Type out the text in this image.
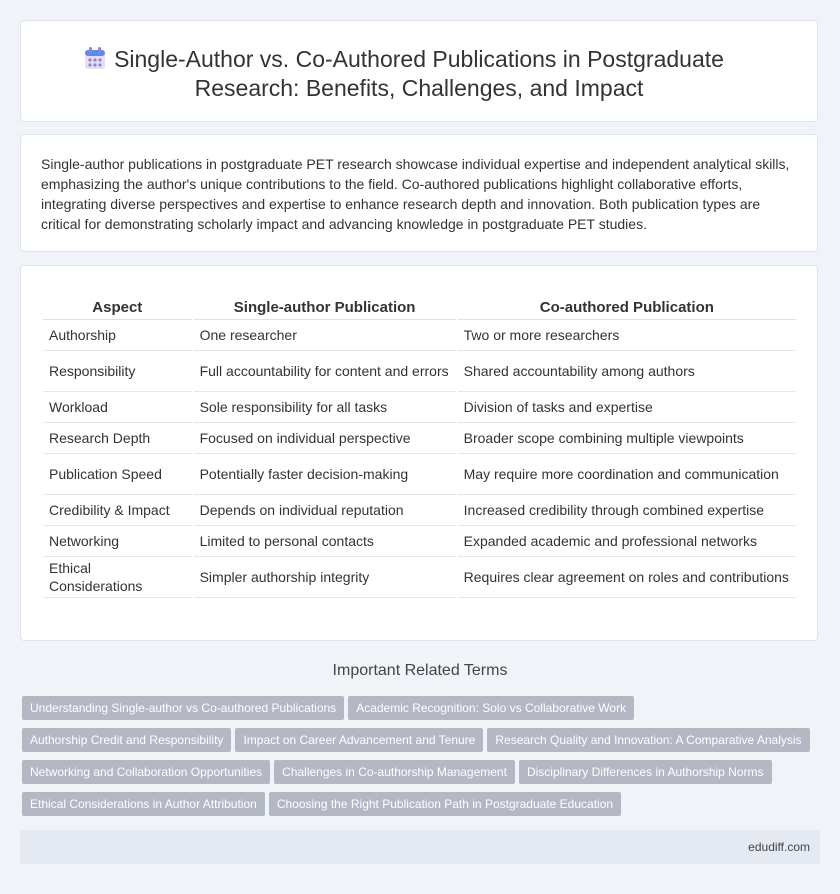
Single-Author vs. Co-Authored Publications in Postgraduate
Research: Benefits, Challenges, and Impact

Single-author publications in postgraduate PET research showcase individual expertise and independent analytical skills, emphasizing the author's unique contributions to the field. Co-authored publications highlight collaborative efforts, integrating diverse perspectives and expertise to enhance research depth and innovation. Both publication types are critical for demonstrating scholarly impact and advancing knowledge in postgraduate PET studies.

Aspect	Single-author Publication	Co-authored Publication
Authorship	One researcher	Two or more researchers
Responsibility	Full accountability for content and errors	Shared accountability among authors
Workload	Sole responsibility for all tasks	Division of tasks and expertise
Research Depth	Focused on individual perspective	Broader scope combining multiple viewpoints
Publication Speed	Potentially faster decision-making	May require more coordination and communication
Credibility & Impact	Depends on individual reputation	Increased credibility through combined expertise
Networking	Limited to personal contacts	Expanded academic and professional networks
Ethical Considerations	Simpler authorship integrity	Requires clear agreement on roles and contributions
Important Related Terms
Understanding Single-author vs Co-authored Publications Academic Recognition: Solo vs Collaborative Work
Authorship Credit and Responsibility Impact on Career Advancement and Tenure Research Quality and Innovation: A Comparative Analysis
Networking and Collaboration Opportunities Challenges in Co-authorship Management Disciplinary Differences in Authorship Norms
Ethical Considerations in Author Attribution Choosing the Right Publication Path in Postgraduate Education
edudiff.com
